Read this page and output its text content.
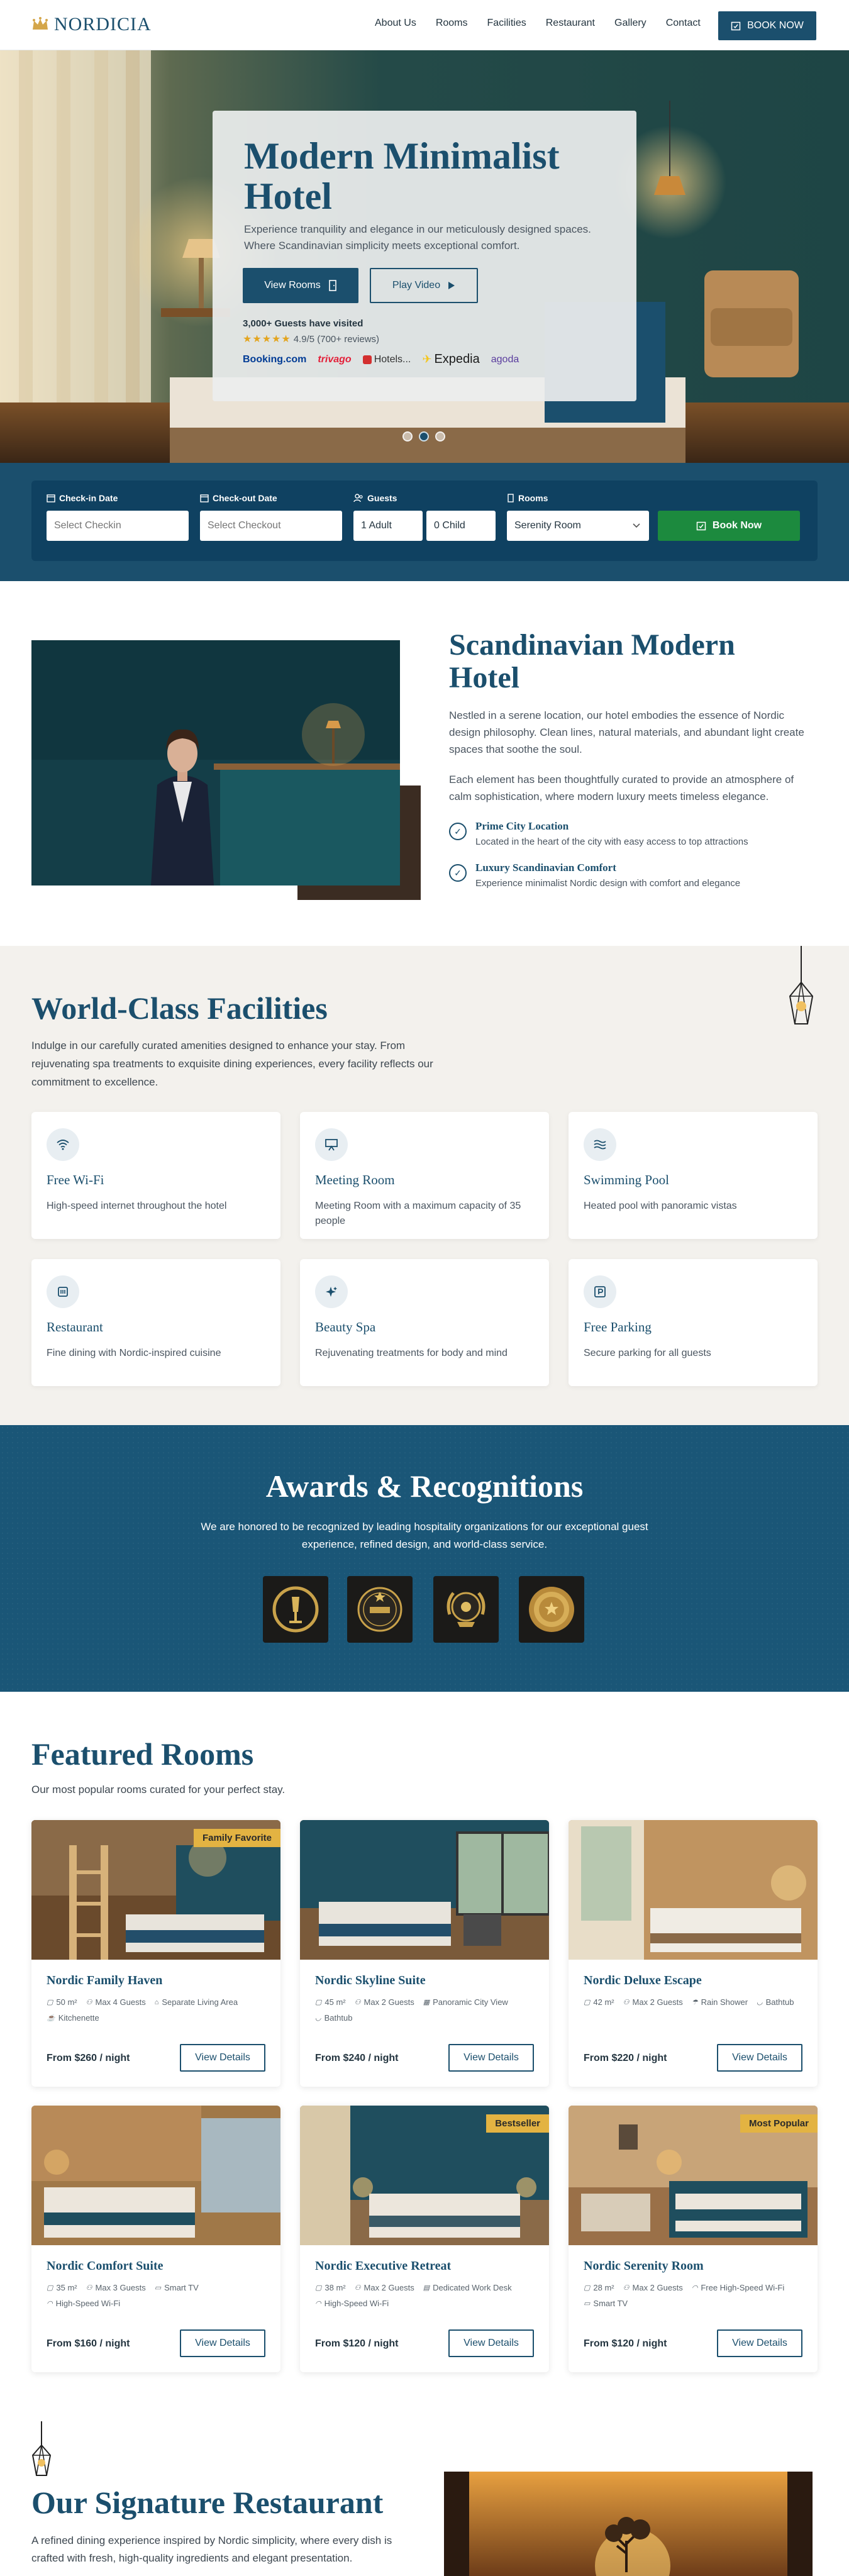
NORDICIA	About Us Rooms Facilities Restaurant Gallery Contact	BOOK NOW
Modern Minimalist Hotel

Experience tranquility and elegance in our meticulously designed spaces. Where Scandinavian simplicity meets exceptional comfort.

View Rooms	Play Video
3,000+ Guests have visited
★★★★★ 4.9/5 (700+ reviews)
Booking.com trivago Hotels... ✈ Expedia agoda
Check-in Date
Select Checkin	Check-out Date
Select Checkout	Guests
1 Adult	0 Child
Rooms
Serenity Room	Book Now
Scandinavian Modern Hotel

Nestled in a serene location, our hotel embodies the essence of Nordic design philosophy. Clean lines, natural materials, and abundant light create spaces that soothe the soul.

Each element has been thoughtfully curated to provide an atmosphere of calm sophistication, where modern luxury meets timeless elegance.

✓	Prime City Location
Located in the heart of the city with easy access to top attractions
✓	Luxury Scandinavian Comfort
Experience minimalist Nordic design with comfort and elegance
World-Class Facilities

Indulge in our carefully curated amenities designed to enhance your stay. From rejuvenating spa treatments to exquisite dining experiences, every facility reflects our commitment to excellence.

Free Wi-Fi
High-speed internet throughout the hotel
Meeting Room
Meeting Room with a maximum capacity of 35 people
Swimming Pool
Heated pool with panoramic vistas
Restaurant
Fine dining with Nordic-inspired cuisine
Beauty Spa
Rejuvenating treatments for body and mind
Free Parking
Secure parking for all guests
Awards & Recognitions

We are honored to be recognized by leading hospitality organizations for our exceptional guest experience, refined design, and world-class service.

Featured Rooms

Our most popular rooms curated for your perfect stay.

Family Favorite
Nordic Family Haven
▢ 50 m² ⚇ Max 4 Guests ⌂ Separate Living Area
☕ Kitchenette
From $260 / night	View Details
Nordic Skyline Suite
▢ 45 m² ⚇ Max 2 Guests ▦ Panoramic City View
◡ Bathtub
From $240 / night	View Details
Nordic Deluxe Escape
▢ 42 m² ⚇ Max 2 Guests ☂ Rain Shower ◡ Bathtub
From $220 / night	View Details
Nordic Comfort Suite
▢ 35 m² ⚇ Max 3 Guests ▭ Smart TV
◠ High-Speed Wi-Fi
From $160 / night	View Details
Bestseller
Nordic Executive Retreat
▢ 38 m² ⚇ Max 2 Guests ▤ Dedicated Work Desk
◠ High-Speed Wi-Fi
From $120 / night	View Details
Most Popular
Nordic Serenity Room
▢ 28 m² ⚇ Max 2 Guests ◠ Free High-Speed Wi-Fi
▭ Smart TV
From $120 / night	View Details
Our Signature Restaurant

A refined dining experience inspired by Nordic simplicity, where every dish is crafted with fresh, high-quality ingredients and elegant presentation.
